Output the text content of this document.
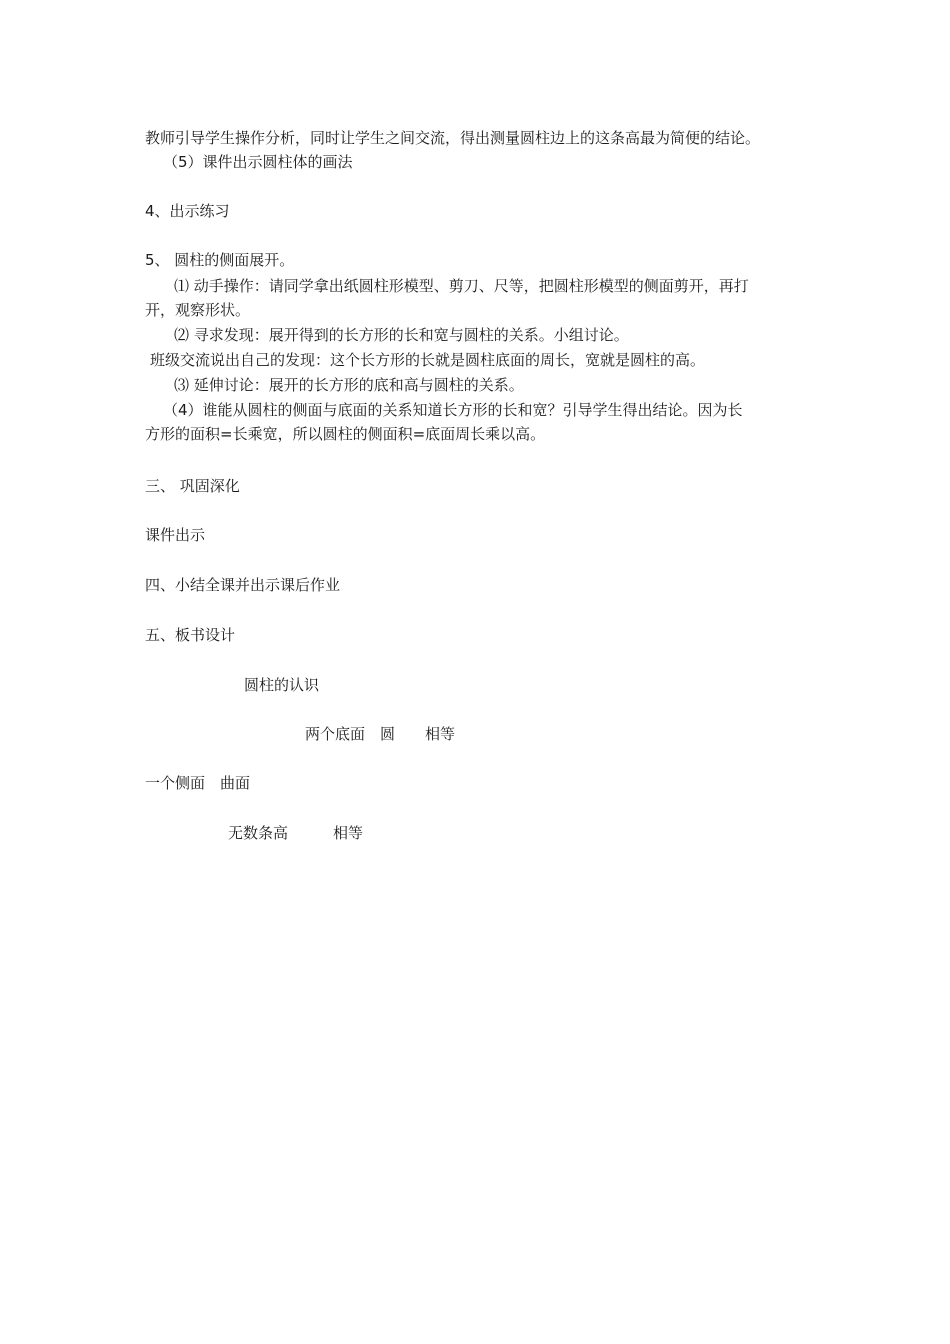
教师引导学生操作分析，同时让学生之间交流，得出测量圆柱边上的这条高最为简便的结论。
（5）课件出示圆柱体的画法
4、出示练习
5、 圆柱的侧面展开。
⑴ 动手操作：请同学拿出纸圆柱形模型、剪刀、尺等，把圆柱形模型的侧面剪开，再打
开，观察形状。
⑵ 寻求发现：展开得到的长方形的长和宽与圆柱的关系。小组讨论。
班级交流说出自己的发现：这个长方形的长就是圆柱底面的周长，宽就是圆柱的高。
⑶ 延伸讨论：展开的长方形的底和高与圆柱的关系。
（4）谁能从圆柱的侧面与底面的关系知道长方形的长和宽？引导学生得出结论。因为长
方形的面积=长乘宽，所以圆柱的侧面积=底面周长乘以高。
三、 巩固深化
课件出示
四、小结全课并出示课后作业
五、板书设计
圆柱的认识
两个底面　圆　　相等
一个侧面　曲面
无数条高　　　相等
